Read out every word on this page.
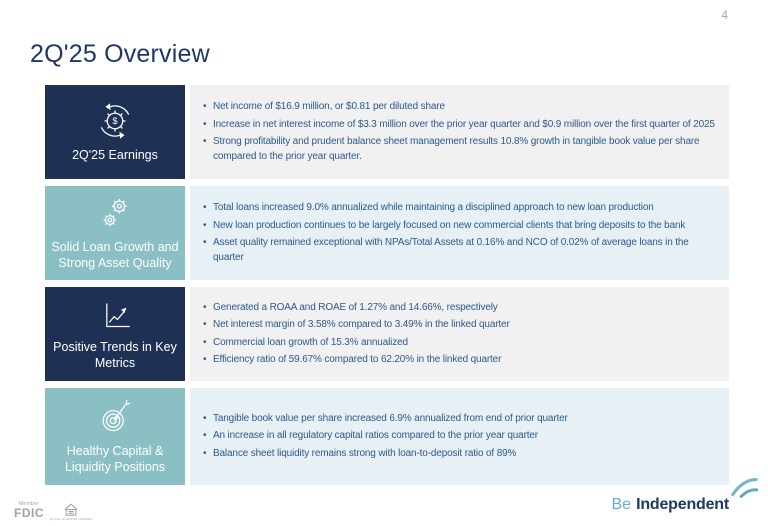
4
2Q'25 Overview
$
2Q'25 Earnings
• Net income of $16.9 million, or $0.81 per diluted share
• Increase in net interest income of $3.3 million over the prior year quarter and $0.9 million over the first quarter of 2025
• Strong profitability and prudent balance sheet management results 10.8% growth in tangible book value per share compared to the prior year quarter.
Solid Loan Growth and Strong Asset Quality
• Total loans increased 9.0% annualized while maintaining a disciplined approach to new loan production
• New loan production continues to be largely focused on new commercial clients that bring deposits to the bank
• Asset quality remained exceptional with NPAs/Total Assets at 0.16% and NCO of 0.02% of average loans in the quarter
Positive Trends in Key Metrics
• Generated a ROAA and ROAE of 1.27% and 14.66%, respectively
• Net interest margin of 3.58% compared to 3.49% in the linked quarter
• Commercial loan growth of 15.3% annualized
• Efficiency ratio of 59.67% compared to 62.20% in the linked quarter
Healthy Capital & Liquidity Positions
• Tangible book value per share increased 6.9% annualized from end of prior quarter
• An increase in all regulatory capital ratios compared to the prior year quarter
• Balance sheet liquidity remains strong with loan-to-deposit ratio of 89%
Member
FDIC EQUAL HOUSING LENDER
Be Independent
